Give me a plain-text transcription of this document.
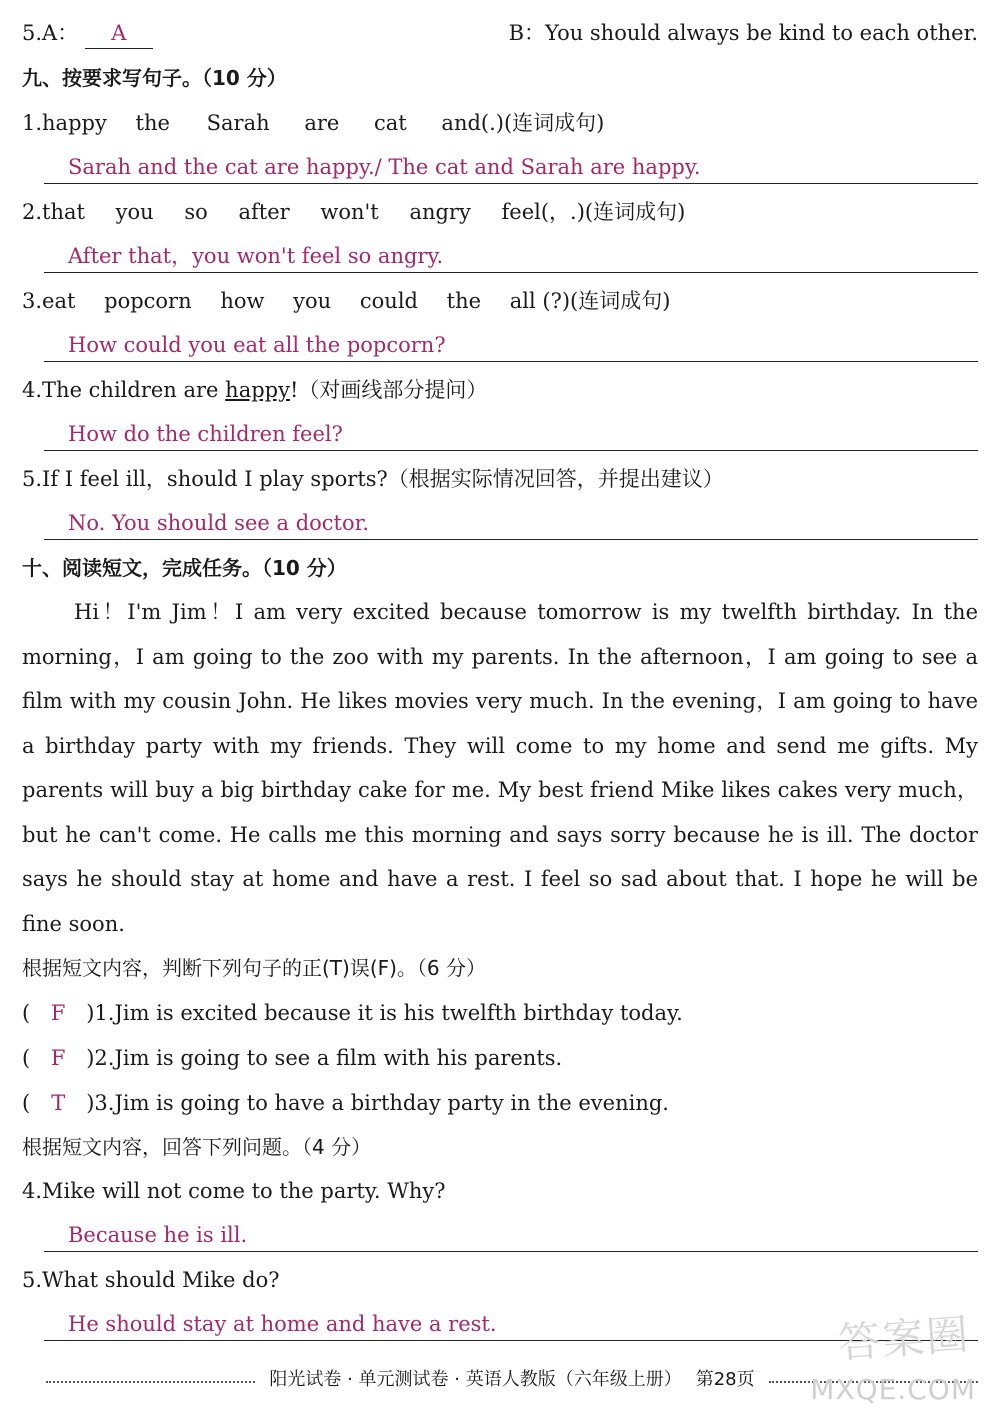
5.A： A	B：You should always be kind to each other.
九、按要求写句子。（10 分）
1.happy the Sarah are cat and(.)(连词成句)
Sarah and the cat are happy./ The cat and Sarah are happy.
2.that you so after won't angry feel(，.)(连词成句)
After that，you won't feel so angry.
3.eat popcorn how you could the all (?)(连词成句)
How could you eat all the popcorn?
4.The children are happy!（对画线部分提问）
How do the children feel?
5.If I feel ill，should I play sports?（根据实际情况回答，并提出建议）
No. You should see a doctor.
十、阅读短文，完成任务。（10 分）
Hi！I'm Jim！I am very excited because tomorrow is my twelfth birthday. In the morning，I am going to the zoo with my parents. In the afternoon，I am going to see a film with my cousin John. He likes movies very much. In the evening，I am going to have a birthday party with my friends. They will come to my home and send me gifts. My parents will buy a big birthday cake for me. My best friend Mike likes cakes very much，but he can't come. He calls me this morning and says sorry because he is ill. The doctor says he should stay at home and have a rest. I feel so sad about that. I hope he will be fine soon.
根据短文内容，判断下列句子的正(T)误(F)。（6 分）
( F )1.Jim is excited because it is his twelfth birthday today.
( F )2.Jim is going to see a film with his parents.
( T )3.Jim is going to have a birthday party in the evening.
根据短文内容，回答下列问题。（4 分）
4.Mike will not come to the party. Why?
Because he is ill.
5.What should Mike do?
He should stay at home and have a rest.
阳光试卷 · 单元测试卷 · 英语人教版（六年级上册） 第28页
答案圈
MXQE.COM
